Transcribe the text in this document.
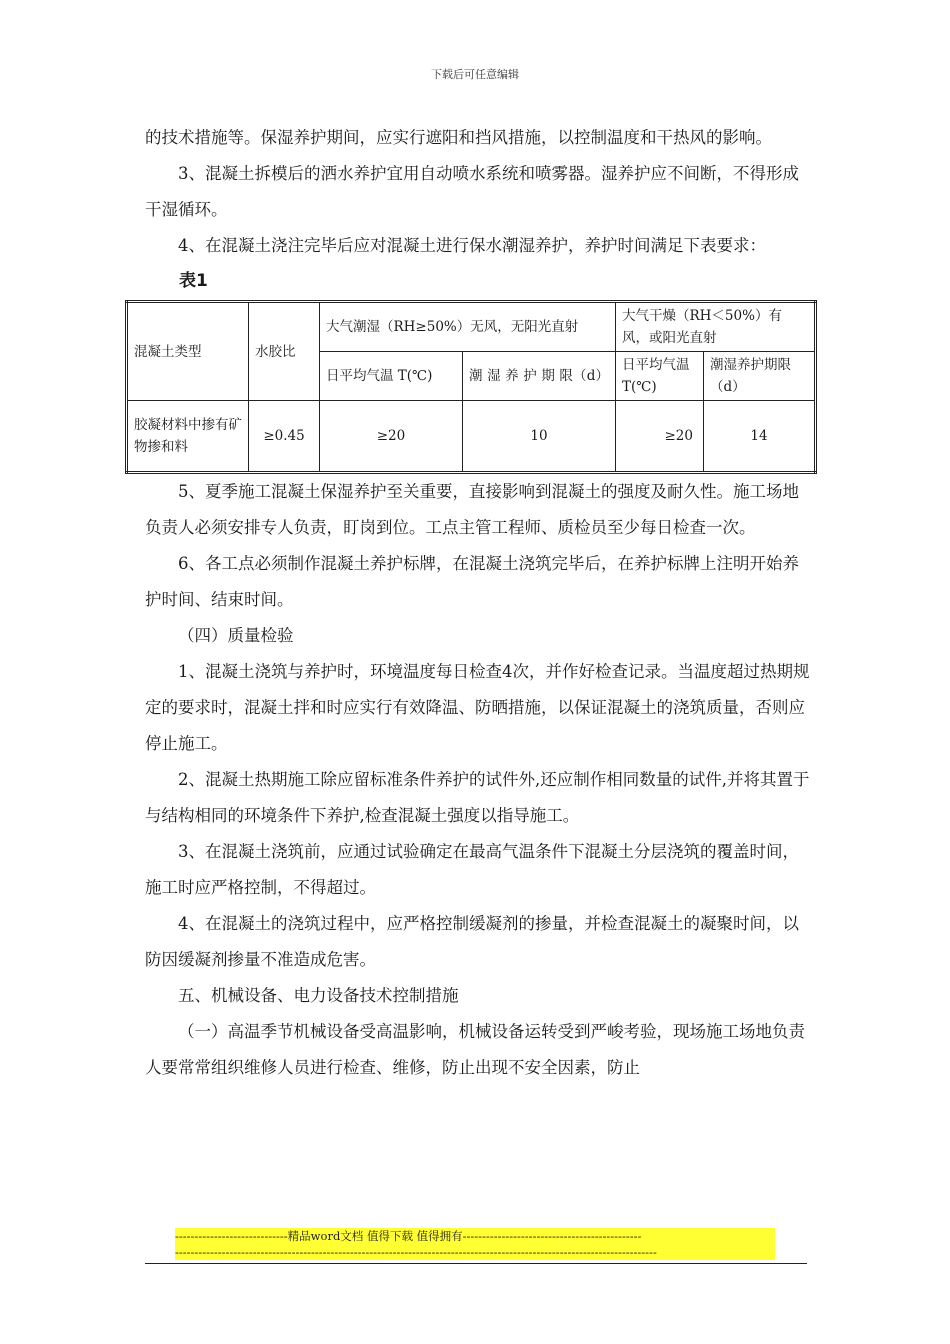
下载后可任意编辑

的技术措施等。保湿养护期间，应实行遮阳和挡风措施，以控制温度和干热风的影响。

3、混凝土拆模后的洒水养护宜用自动喷水系统和喷雾器。湿养护应不间断，不得形成干湿循环。

4、在混凝土浇注完毕后应对混凝土进行保水潮湿养护，养护时间满足下表要求：

表1
混凝土类型	水胶比	大气潮湿（RH≥50%）无风，无阳光直射		大气干燥（RH＜50%）有风，或阳光直射	
		日平均气温 T(℃)	潮 湿 养 护 期 限（d）	日平均气温 T(℃)	潮湿养护期限（d）
胶凝材料中掺有矿物掺和料	≥0.45	≥20	10	≥20	14

5、夏季施工混凝土保湿养护至关重要，直接影响到混凝土的强度及耐久性。施工场地负责人必须安排专人负责，盯岗到位。工点主管工程师、质检员至少每日检查一次。

6、各工点必须制作混凝土养护标牌，在混凝土浇筑完毕后，在养护标牌上注明开始养护时间、结束时间。

（四）质量检验

1、混凝土浇筑与养护时，环境温度每日检查4次，并作好检查记录。当温度超过热期规定的要求时，混凝土拌和时应实行有效降温、防晒措施，以保证混凝土的浇筑质量，否则应停止施工。

2、混凝土热期施工除应留标准条件养护的试件外,还应制作相同数量的试件,并将其置于与结构相同的环境条件下养护,检查混凝土强度以指导施工。

3、在混凝土浇筑前，应通过试验确定在最高气温条件下混凝土分层浇筑的覆盖时间，施工时应严格控制，不得超过。

4、在混凝土的浇筑过程中，应严格控制缓凝剂的掺量，并检查混凝土的凝聚时间，以防因缓凝剂掺量不准造成危害。

五、机械设备、电力设备技术控制措施

（一）高温季节机械设备受高温影响，机械设备运转受到严峻考验，现场施工场地负责人要常常组织维修人员进行检查、维修，防止出现不安全因素，防止

-----------------------------精品word文档 值得下载 值得拥有----------------------------------------------
----------------------------------------------------------------------------------------------------------------------------
